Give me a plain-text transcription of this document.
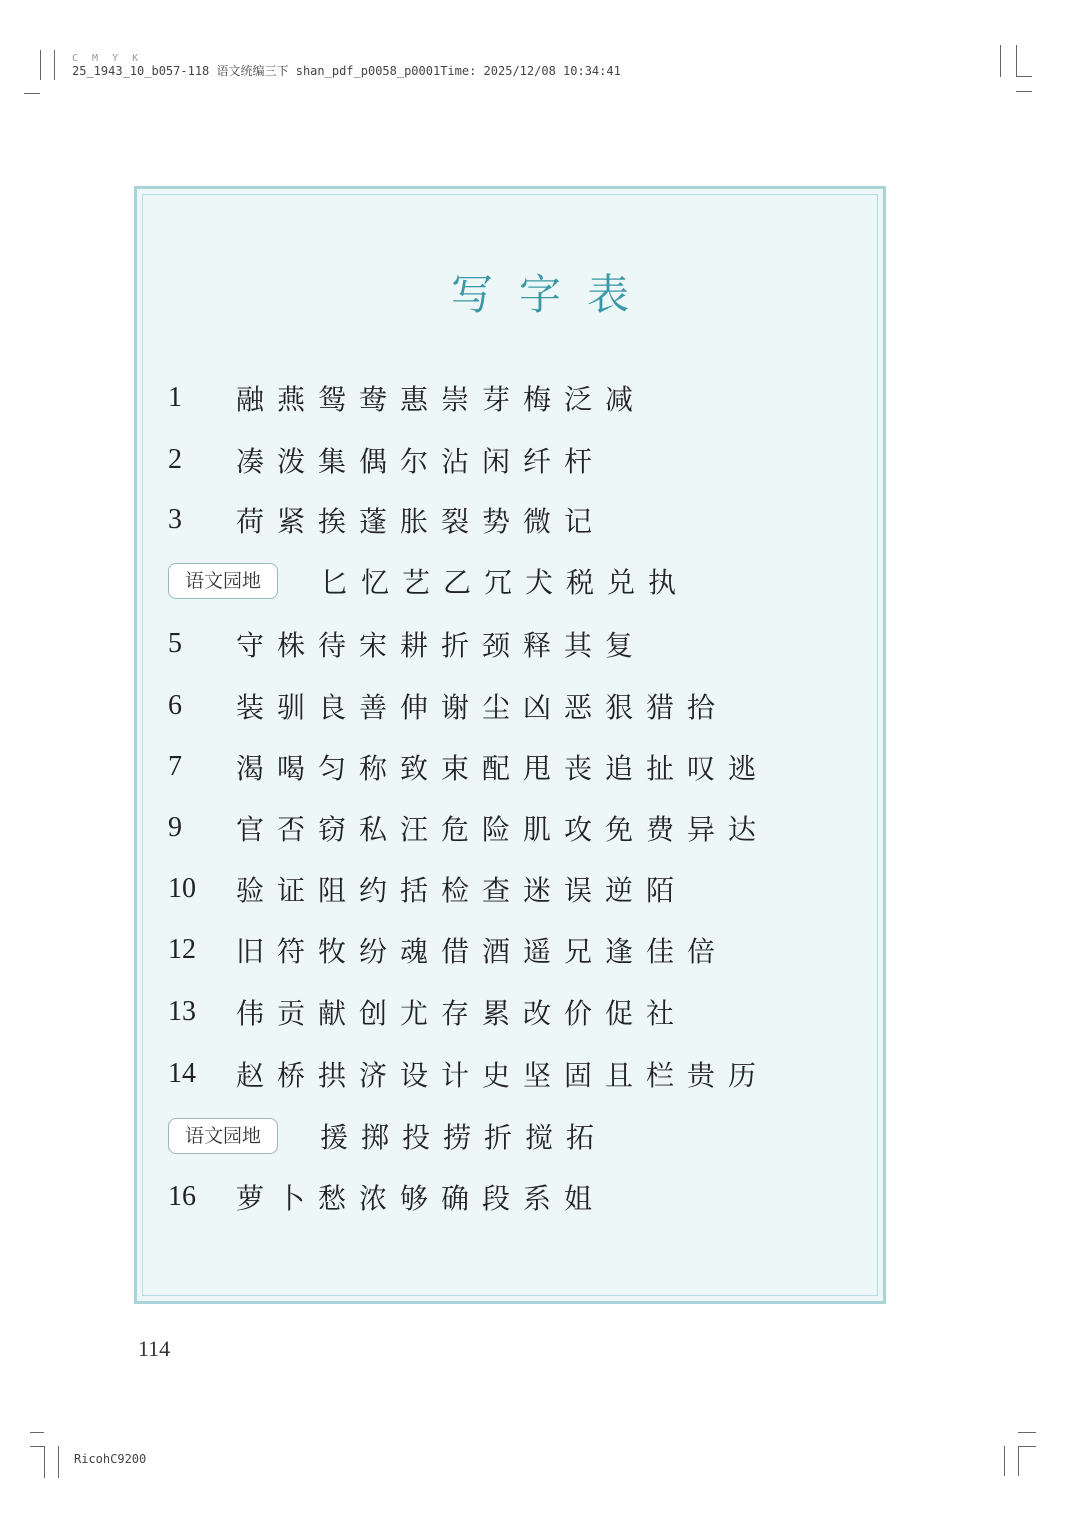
C M Y K
25_1943_10_b057-118 语文统编三下 shan_pdf_p0058_p0001Time: 2025/12/08 10:34:41
写字表
1	融燕鸳鸯惠崇芽梅泛减
2	凑泼集偶尔沾闲纤杆
3	荷紧挨蓬胀裂势微记
语文园地	匕忆艺乙冗犬税兑执
5	守株待宋耕折颈释其复
6	装驯良善伸谢尘凶恶狠猎拾
7	渴喝匀称致束配甩丧追扯叹逃
9	官否窃私汪危险肌攻免费异达
10	验证阻约括检查迷误逆陌
12	旧符牧纷魂借酒遥兄逢佳倍
13	伟贡献创尤存累改价促社
14	赵桥拱济设计史坚固且栏贵历
语文园地	援掷投捞折搅拓
16	萝卜愁浓够确段系姐
114
RicohC9200
